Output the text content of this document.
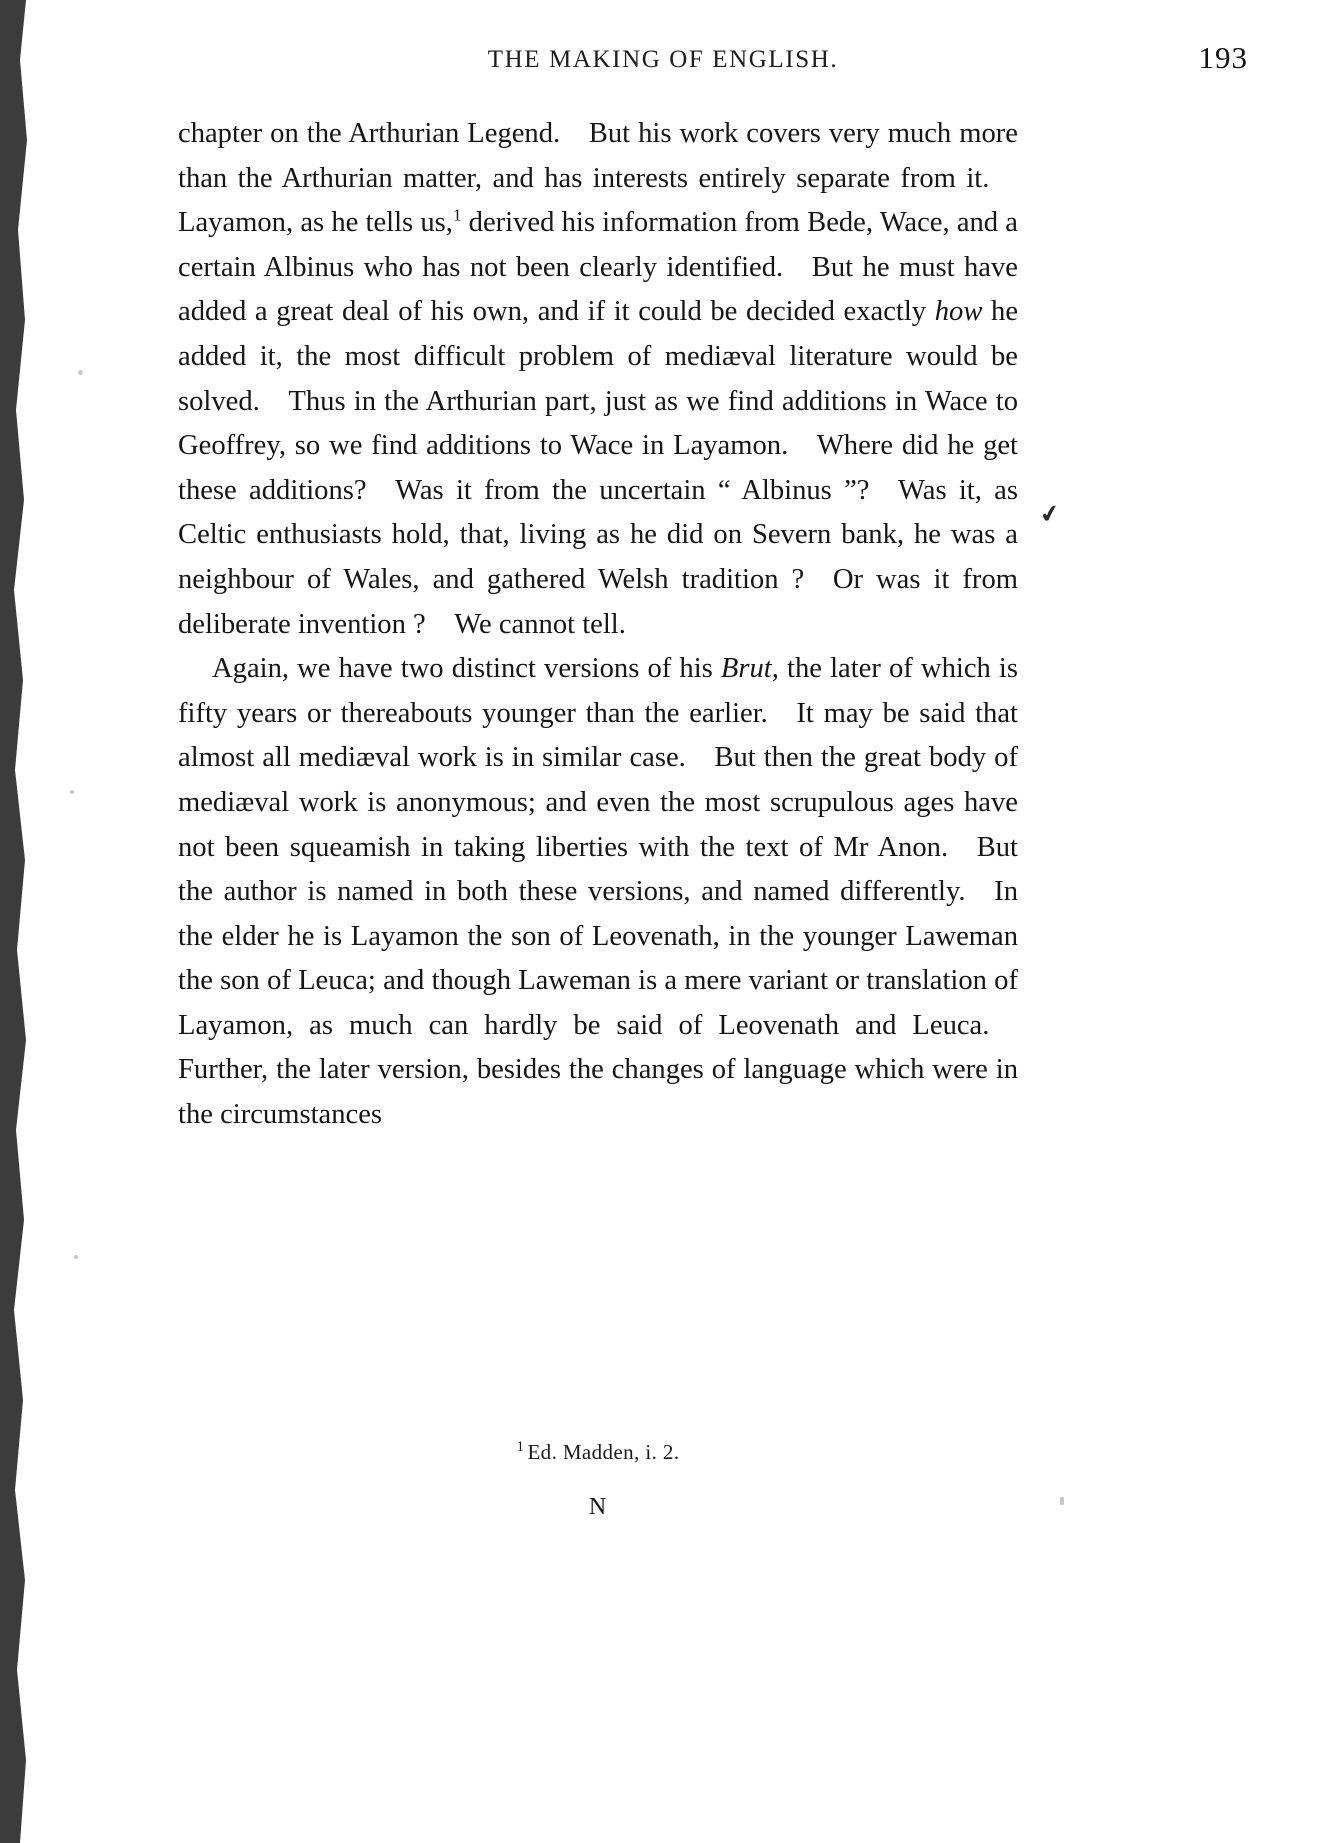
THE MAKING OF ENGLISH.	193

chapter on the Arthurian Legend. But his work covers very much more than the Arthurian matter, and has interests entirely separate from it. Layamon, as he tells us,$^1$ derived his information from Bede, Wace, and a certain Albinus who has not been clearly identified. But he must have added a great deal of his own, and if it could be decided exactly how he added it, the most difficult problem of mediæval literature would be solved. Thus in the Arthurian part, just as we find additions in Wace to Geoffrey, so we find additions to Wace in Layamon. Where did he get these additions? Was it from the uncertain “ Albinus ”? Was it, as Celtic enthusiasts hold, that, living as he did on Severn bank, he was a neighbour of Wales, and gathered Welsh tradition ? Or was it from deliberate invention ? We cannot tell.

Again, we have two distinct versions of his Brut, the later of which is fifty years or thereabouts younger than the earlier. It may be said that almost all mediæval work is in similar case. But then the great body of mediæval work is anonymous; and even the most scrupulous ages have not been squeamish in taking liberties with the text of Mr Anon. But the author is named in both these versions, and named differently. In the elder he is Layamon the son of Leovenath, in the younger Laweman the son of Leuca; and though Laweman is a mere variant or translation of Layamon, as much can hardly be said of Leovenath and Leuca. Further, the later version, besides the changes of language which were in the circumstances

$^1$ Ed. Madden, i. 2.
N
✔
